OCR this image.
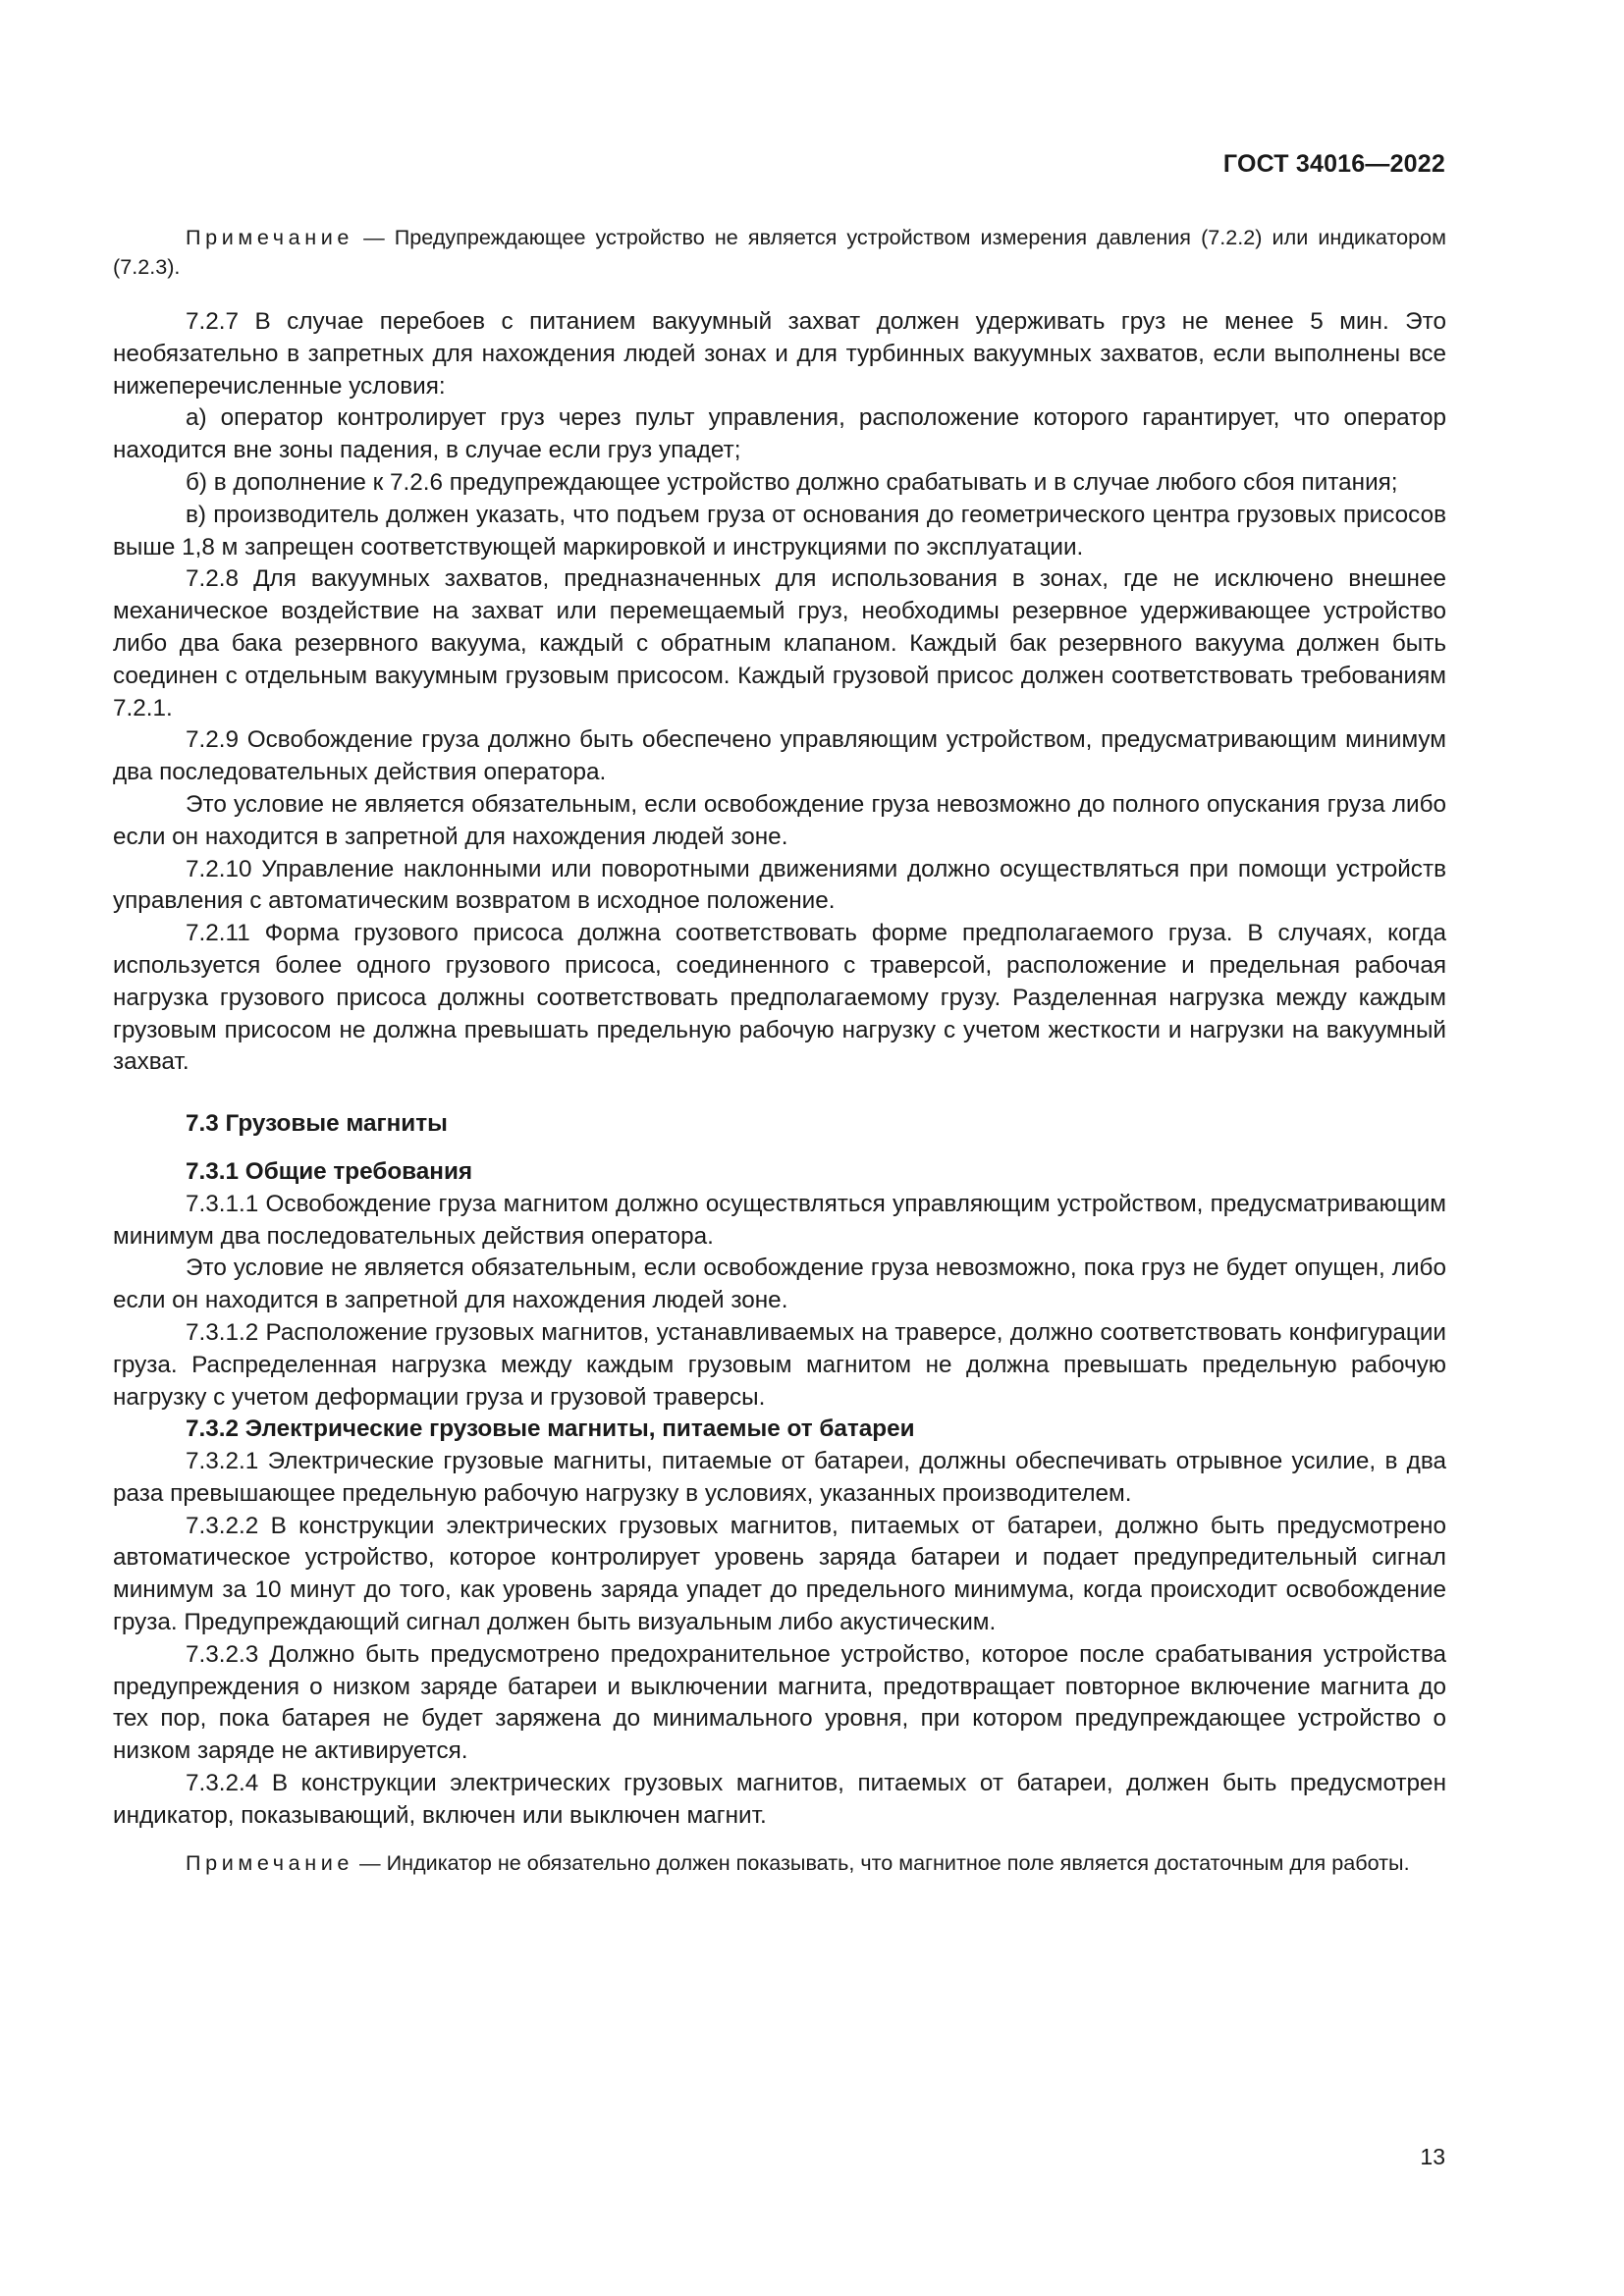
ГОСТ 34016—2022

Примечание — Предупреждающее устройство не является устройством измерения давления (7.2.2) или индикатором (7.2.3).

7.2.7 В случае перебоев с питанием вакуумный захват должен удерживать груз не менее 5 мин. Это необязательно в запретных для нахождения людей зонах и для турбинных вакуумных захватов, если выполнены все нижеперечисленные условия:

а) оператор контролирует груз через пульт управления, расположение которого гарантирует, что оператор находится вне зоны падения, в случае если груз упадет;

б) в дополнение к 7.2.6 предупреждающее устройство должно срабатывать и в случае любого сбоя питания;

в) производитель должен указать, что подъем груза от основания до геометрического центра грузовых присосов выше 1,8 м запрещен соответствующей маркировкой и инструкциями по эксплуатации.

7.2.8 Для вакуумных захватов, предназначенных для использования в зонах, где не исключено внешнее механическое воздействие на захват или перемещаемый груз, необходимы резервное удерживающее устройство либо два бака резервного вакуума, каждый с обратным клапаном. Каждый бак резервного вакуума должен быть соединен с отдельным вакуумным грузовым присосом. Каждый грузовой присос должен соответствовать требованиям 7.2.1.

7.2.9 Освобождение груза должно быть обеспечено управляющим устройством, предусматривающим минимум два последовательных действия оператора.

Это условие не является обязательным, если освобождение груза невозможно до полного опускания груза либо если он находится в запретной для нахождения людей зоне.

7.2.10 Управление наклонными или поворотными движениями должно осуществляться при помощи устройств управления с автоматическим возвратом в исходное положение.

7.2.11 Форма грузового присоса должна соответствовать форме предполагаемого груза. В случаях, когда используется более одного грузового присоса, соединенного с траверсой, расположение и предельная рабочая нагрузка грузового присоса должны соответствовать предполагаемому грузу. Разделенная нагрузка между каждым грузовым присосом не должна превышать предельную рабочую нагрузку с учетом жесткости и нагрузки на вакуумный захват.

7.3 Грузовые магниты

7.3.1 Общие требования

7.3.1.1 Освобождение груза магнитом должно осуществляться управляющим устройством, предусматривающим минимум два последовательных действия оператора.

Это условие не является обязательным, если освобождение груза невозможно, пока груз не будет опущен, либо если он находится в запретной для нахождения людей зоне.

7.3.1.2 Расположение грузовых магнитов, устанавливаемых на траверсе, должно соответствовать конфигурации груза. Распределенная нагрузка между каждым грузовым магнитом не должна превышать предельную рабочую нагрузку с учетом деформации груза и грузовой траверсы.

7.3.2 Электрические грузовые магниты, питаемые от батареи

7.3.2.1 Электрические грузовые магниты, питаемые от батареи, должны обеспечивать отрывное усилие, в два раза превышающее предельную рабочую нагрузку в условиях, указанных производителем.

7.3.2.2 В конструкции электрических грузовых магнитов, питаемых от батареи, должно быть предусмотрено автоматическое устройство, которое контролирует уровень заряда батареи и подает предупредительный сигнал минимум за 10 минут до того, как уровень заряда упадет до предельного минимума, когда происходит освобождение груза. Предупреждающий сигнал должен быть визуальным либо акустическим.

7.3.2.3 Должно быть предусмотрено предохранительное устройство, которое после срабатывания устройства предупреждения о низком заряде батареи и выключении магнита, предотвращает повторное включение магнита до тех пор, пока батарея не будет заряжена до минимального уровня, при котором предупреждающее устройство о низком заряде не активируется.

7.3.2.4 В конструкции электрических грузовых магнитов, питаемых от батареи, должен быть предусмотрен индикатор, показывающий, включен или выключен магнит.

Примечание — Индикатор не обязательно должен показывать, что магнитное поле является достаточным для работы.

13
